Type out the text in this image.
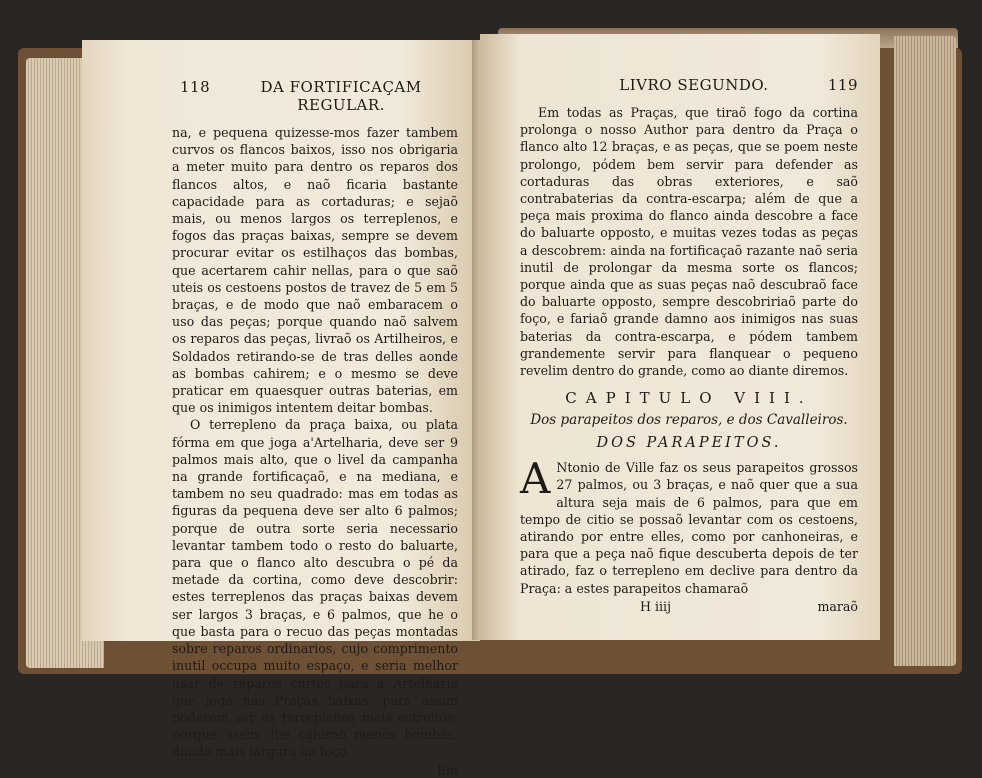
118	DA FORTIFICAÇAM REGULAR.

na, e pequena quizesse-mos fazer tambem curvos os flancos baixos, isso nos obrigaria a meter muito para dentro os reparos dos flancos altos, e naõ ficaria bastante capacidade para as cortaduras; e sejaõ mais, ou menos largos os terreplenos, e fogos das praças baixas, sempre se devem procurar evitar os estilhaços das bombas, que acertarem cahir nellas, para o que saõ uteis os cestoens postos de travez de 5 em 5 braças, e de modo que naõ embaracem o uso das peças; porque quando naõ salvem os reparos das peças, livraõ os Artilheiros, e Soldados retirando-se de tras delles aonde as bombas cahirem; e o mesmo se deve praticar em quaesquer outras baterias, em que os inimigos intentem deitar bombas.

O terrepleno da praça baixa, ou plata fórma em que joga a'Artelharia, deve ser 9 palmos mais alto, que o livel da campanha na grande fortificaçaõ, e na mediana, e tambem no seu quadrado: mas em todas as figuras da pequena deve ser alto 6 palmos; porque de outra sorte seria necessario levantar tambem todo o resto do baluarte, para que o flanco alto descubra o pé da metade da cortina, como deve descobrir: estes terreplenos das praças baixas devem ser largos 3 braças, e 6 palmos, que he o que basta para o recuo das peças montadas sobre reparos ordinarios, cujo comprimento inutil occupa muito espaço, e seria melhor usar de reparos curtos para a Artelharia que joga nas Praças baixas, para assim poderem ser os terreplenos mais estreitos; porque assim lhe cahiraõ menos bombas, dando mais largura ao foço.

Em
LIVRO SEGUNDO.	119

Em todas as Praças, que tiraõ fogo da cortina prolonga o nosso Author para dentro da Praça o flanco alto 12 braças, e as peças, que se poem neste prolongo, pódem bem servir para defender as cortaduras das obras exteriores, e saõ contrabaterias da contra-escarpa; além de que a peça mais proxima do flanco ainda descobre a face do baluarte opposto, e muitas vezes todas as peças a descobrem: ainda na fortificaçaõ razante naõ seria inutil de prolongar da mesma sorte os flancos; porque ainda que as suas peças naõ descubraõ face do baluarte opposto, sempre descobririaõ parte do foço, e fariaõ grande damno aos inimigos nas suas baterias da contra-escarpa, e pódem tambem grandemente servir para flanquear o pequeno revelim dentro do grande, como ao diante diremos.

CAPITULO VIII.
Dos parapeitos dos reparos, e dos Cavalleiros.
DOS PARAPEITOS.
A Ntonio de Ville faz os seus parapeitos grossos 27 palmos, ou 3 braças, e naõ quer que a sua altura seja mais de 6 palmos, para que em tempo de citio se possaõ levantar com os cestoens, atirando por entre elles, como por canhoneiras, e para que a peça naõ fique descuberta depois de ter atirado, faz o terrepleno em declive para dentro da Praça: a estes parapeitos chamaraõ

H iiij	maraõ
